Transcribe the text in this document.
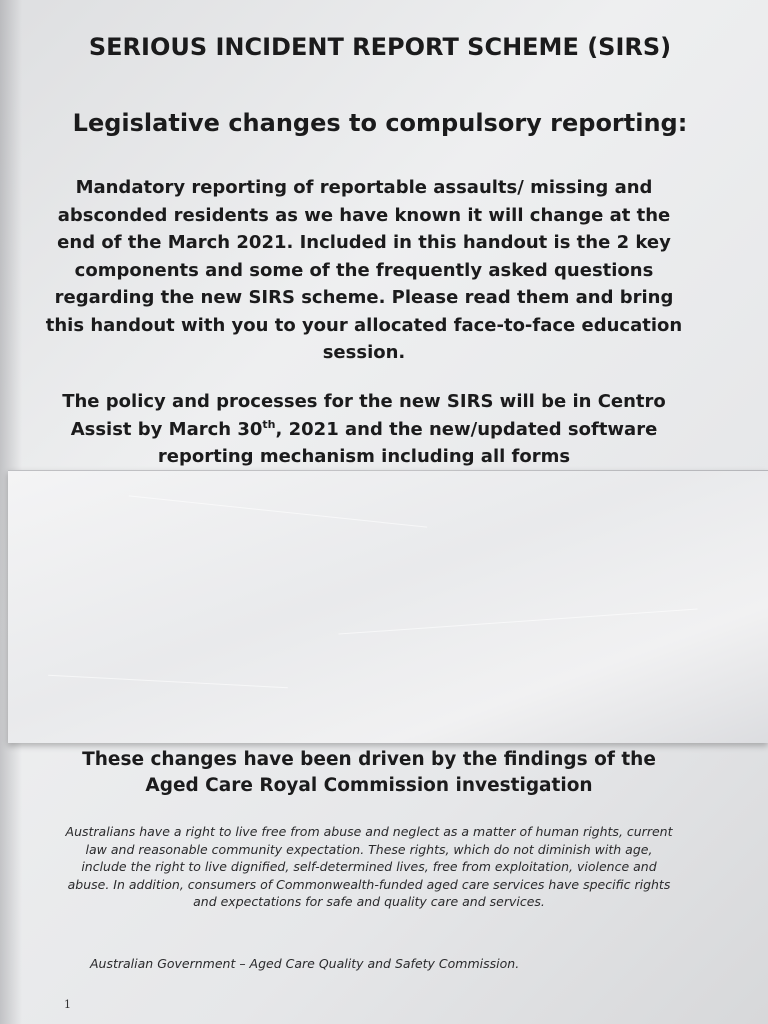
SERIOUS INCIDENT REPORT SCHEME (SIRS)
Legislative changes to compulsory reporting:

Mandatory reporting of reportable assaults/ missing and absconded residents as we have known it will change at the end of the March 2021. Included in this handout is the 2 key components and some of the frequently asked questions regarding the new SIRS scheme. Please read them and bring this handout with you to your allocated face-to-face education session.

The policy and processes for the new SIRS will be in Centro Assist by March 30th, 2021 and the new/updated software reporting mechanism including all forms

These changes have been driven by the findings of the Aged Care Royal Commission investigation

Australians have a right to live free from abuse and neglect as a matter of human rights, current law and reasonable community expectation. These rights, which do not diminish with age, include the right to live dignified, self-determined lives, free from exploitation, violence and abuse. In addition, consumers of Commonwealth-funded aged care services have specific rights and expectations for safe and quality care and services.

Australian Government – Aged Care Quality and Safety Commission.

1
